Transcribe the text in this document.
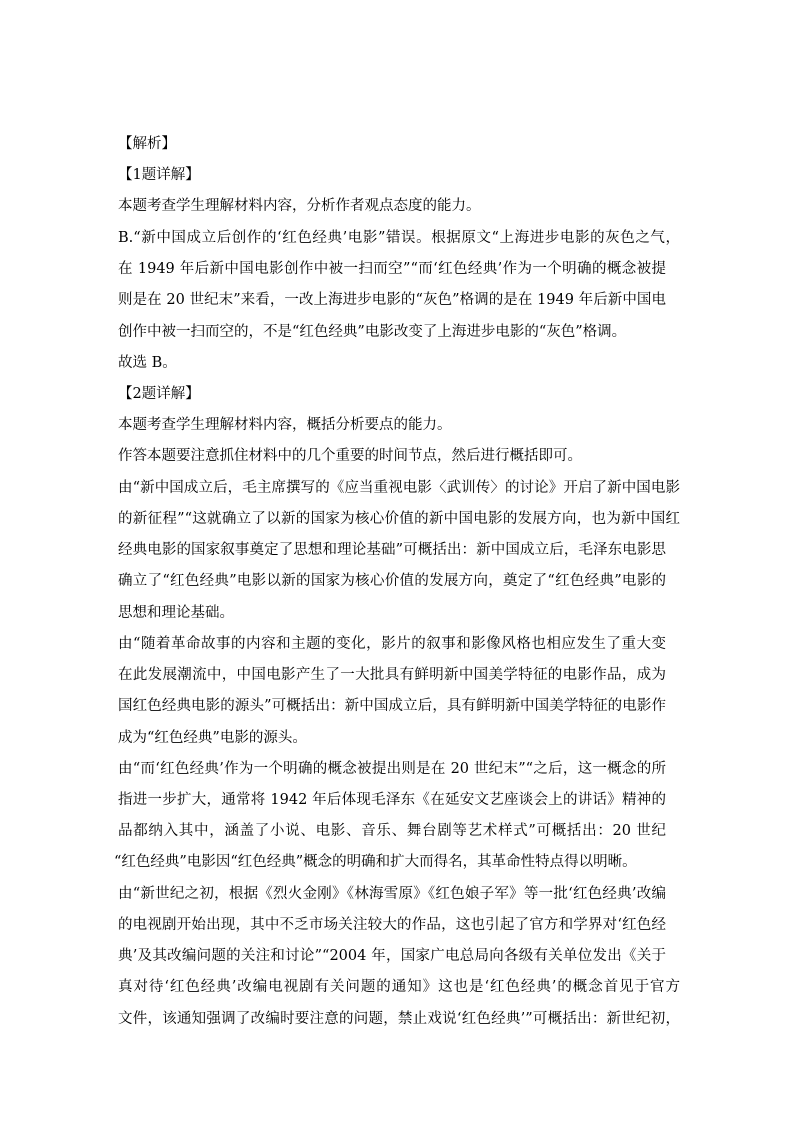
【解析】
【1题详解】
本题考查学生理解材料内容，分析作者观点态度的能力。
B.“新中国成立后创作的‘红色经典’电影”错误。根据原文“上海进步电影的灰色之气，
在 1949 年后新中国电影创作中被一扫而空”“而‘红色经典’作为一个明确的概念被提
则是在 20 世纪末”来看，一改上海进步电影的“灰色”格调的是在 1949 年后新中国电
创作中被一扫而空的，不是“红色经典”电影改变了上海进步电影的“灰色”格调。
故选 B。
【2题详解】
本题考查学生理解材料内容，概括分析要点的能力。
作答本题要注意抓住材料中的几个重要的时间节点，然后进行概括即可。
由“新中国成立后，毛主席撰写的《应当重视电影〈武训传〉的讨论》开启了新中国电影
的新征程”“这就确立了以新的国家为核心价值的新中国电影的发展方向，也为新中国红
经典电影的国家叙事奠定了思想和理论基础”可概括出：新中国成立后，毛泽东电影思
确立了“红色经典”电影以新的国家为核心价值的发展方向，奠定了“红色经典”电影的
思想和理论基础。
由“随着革命故事的内容和主题的变化，影片的叙事和影像风格也相应发生了重大变
在此发展潮流中，中国电影产生了一大批具有鲜明新中国美学特征的电影作品，成为
国红色经典电影的源头”可概括出：新中国成立后，具有鲜明新中国美学特征的电影作
成为“红色经典”电影的源头。
由“而‘红色经典’作为一个明确的概念被提出则是在 20 世纪末”“之后，这一概念的所
指进一步扩大，通常将 1942 年后体现毛泽东《在延安文艺座谈会上的讲话》精神的
品都纳入其中，涵盖了小说、电影、音乐、舞台剧等艺术样式”可概括出：20 世纪
“红色经典”电影因“红色经典”概念的明确和扩大而得名，其革命性特点得以明晰。
由“新世纪之初，根据《烈火金刚》《林海雪原》《红色娘子军》等一批‘红色经典’改编
的电视剧开始出现，其中不乏市场关注较大的作品，这也引起了官方和学界对‘红色经
典’及其改编问题的关注和讨论”“2004 年，国家广电总局向各级有关单位发出《关于
真对待‘红色经典’改编电视剧有关问题的通知》这也是‘红色经典’的概念首见于官方
文件，该通知强调了改编时要注意的问题，禁止戏说‘红色经典’”可概括出：新世纪初，
